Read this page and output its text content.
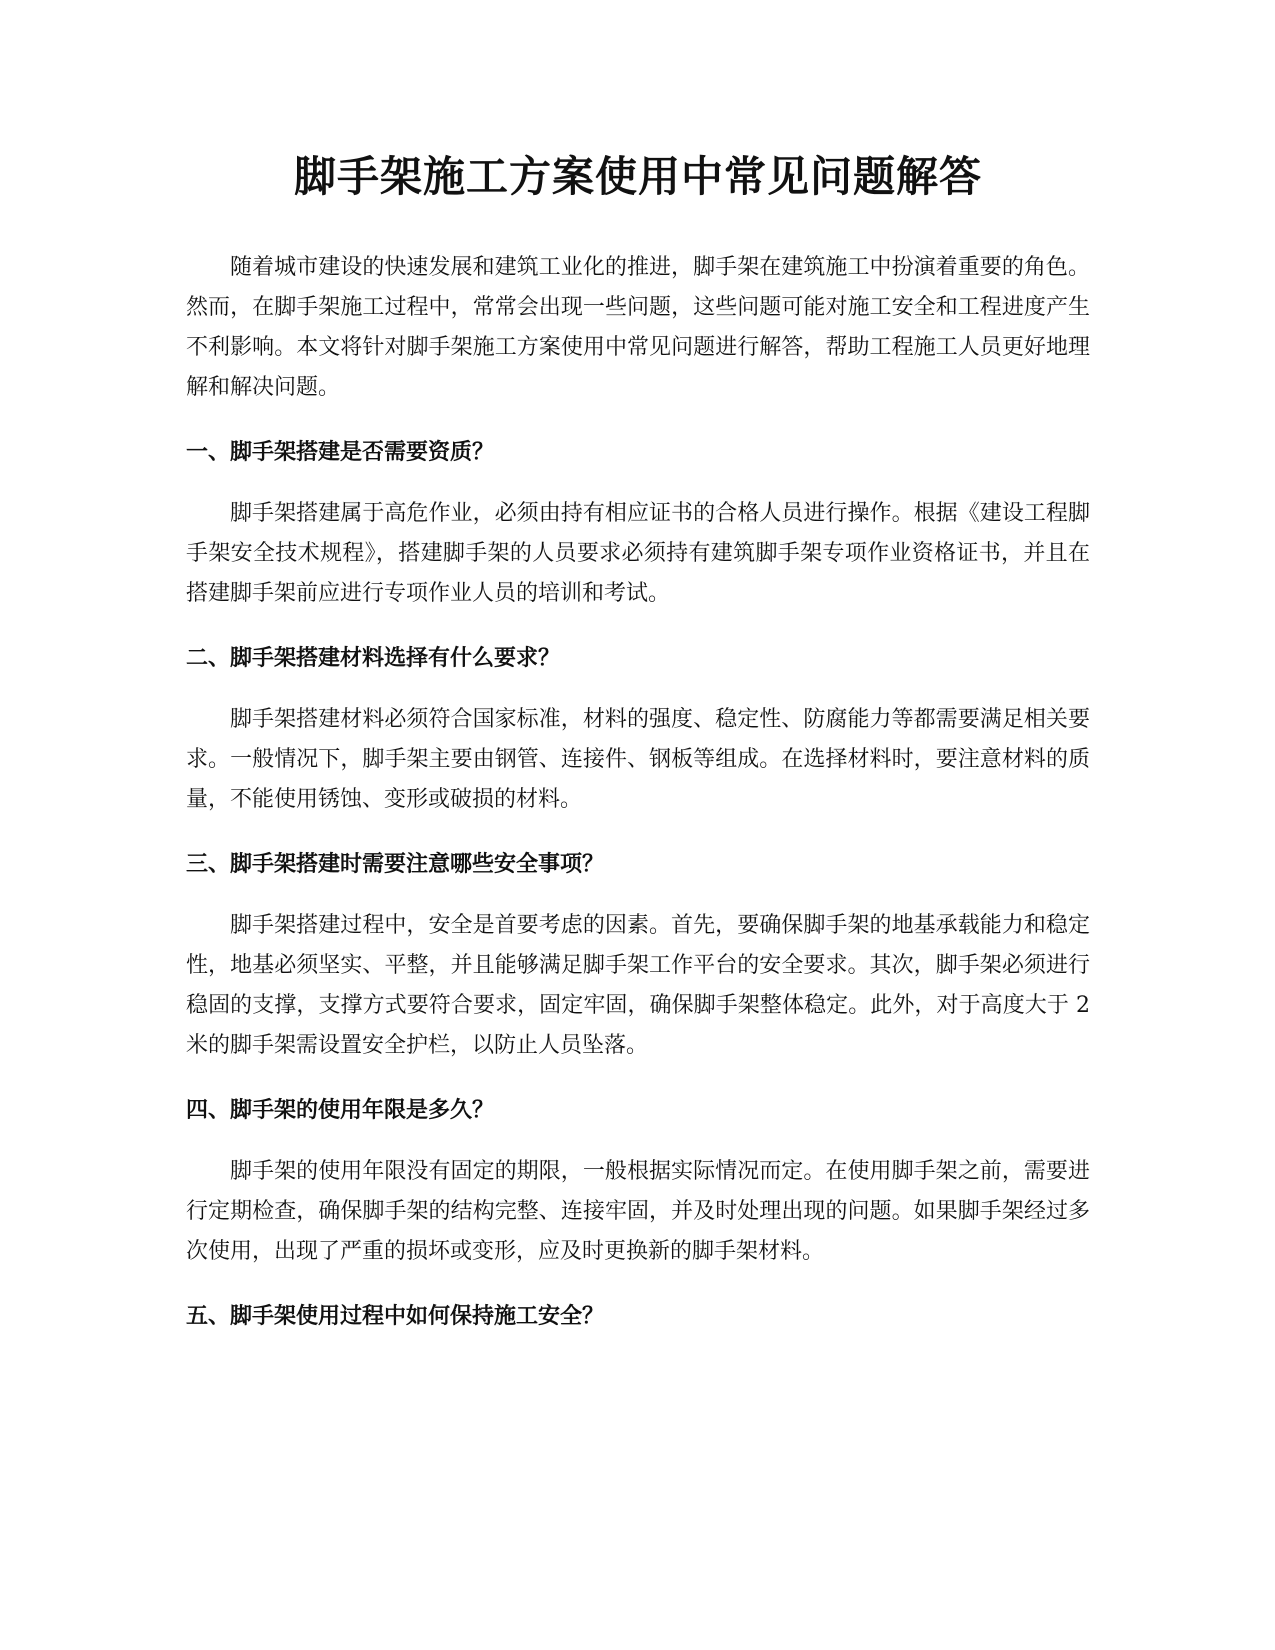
脚手架施工方案使用中常见问题解答

随着城市建设的快速发展和建筑工业化的推进，脚手架在建筑施工中扮演着重要的角色。然而，在脚手架施工过程中，常常会出现一些问题，这些问题可能对施工安全和工程进度产生不利影响。本文将针对脚手架施工方案使用中常见问题进行解答，帮助工程施工人员更好地理解和解决问题。

一、脚手架搭建是否需要资质？

脚手架搭建属于高危作业，必须由持有相应证书的合格人员进行操作。根据《建设工程脚手架安全技术规程》，搭建脚手架的人员要求必须持有建筑脚手架专项作业资格证书，并且在搭建脚手架前应进行专项作业人员的培训和考试。

二、脚手架搭建材料选择有什么要求？

脚手架搭建材料必须符合国家标准，材料的强度、稳定性、防腐能力等都需要满足相关要求。一般情况下，脚手架主要由钢管、连接件、钢板等组成。在选择材料时，要注意材料的质量，不能使用锈蚀、变形或破损的材料。

三、脚手架搭建时需要注意哪些安全事项？

脚手架搭建过程中，安全是首要考虑的因素。首先，要确保脚手架的地基承载能力和稳定性，地基必须坚实、平整，并且能够满足脚手架工作平台的安全要求。其次，脚手架必须进行稳固的支撑，支撑方式要符合要求，固定牢固，确保脚手架整体稳定。此外，对于高度大于 2 米的脚手架需设置安全护栏，以防止人员坠落。

四、脚手架的使用年限是多久？

脚手架的使用年限没有固定的期限，一般根据实际情况而定。在使用脚手架之前，需要进行定期检查，确保脚手架的结构完整、连接牢固，并及时处理出现的问题。如果脚手架经过多次使用，出现了严重的损坏或变形，应及时更换新的脚手架材料。

五、脚手架使用过程中如何保持施工安全？
